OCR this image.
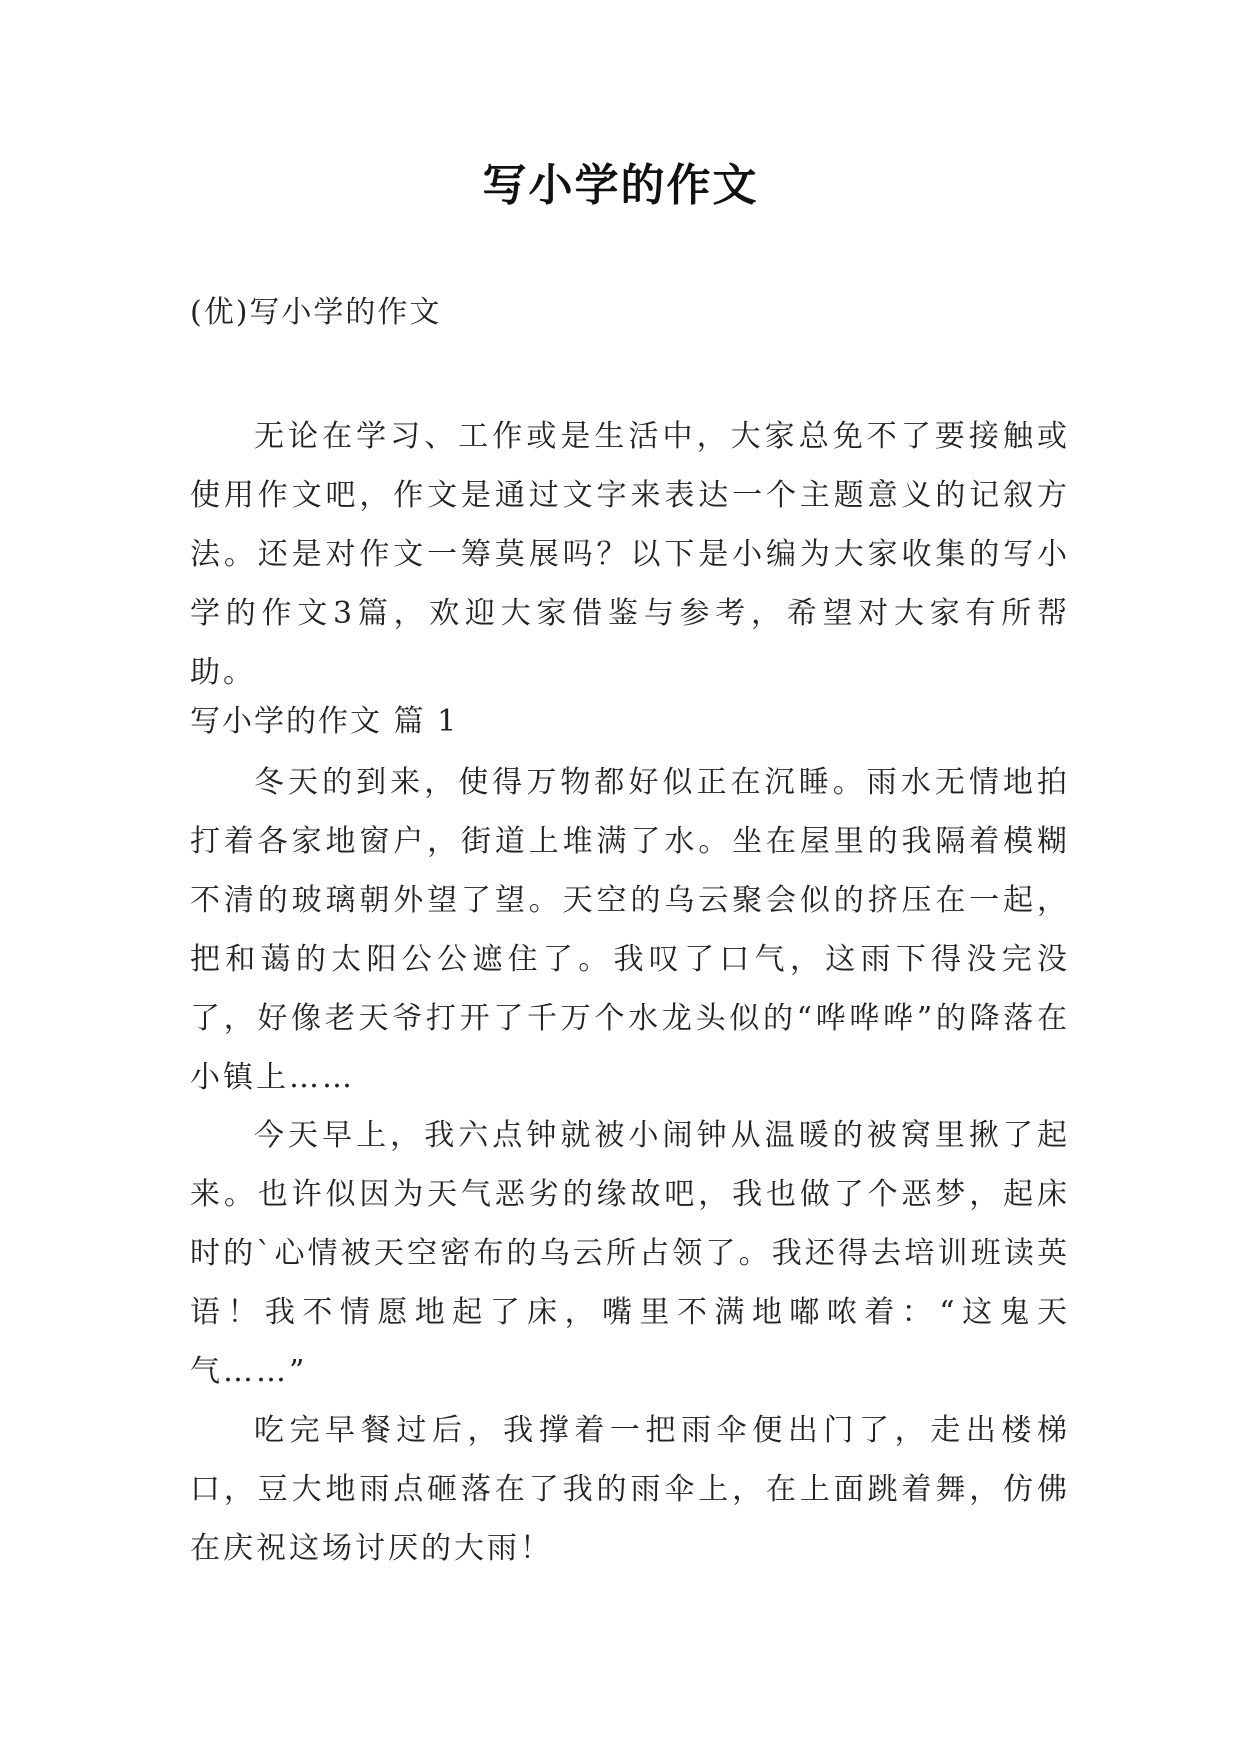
写小学的作文
(优)写小学的作文

无论在学习、工作或是生活中，大家总免不了要接触或使用作文吧，作文是通过文字来表达一个主题意义的记叙方法。还是对作文一筹莫展吗？以下是小编为大家收集的写小学的作文3篇，欢迎大家借鉴与参考，希望对大家有所帮助。

写小学的作文 篇 1

冬天的到来，使得万物都好似正在沉睡。雨水无情地拍打着各家地窗户，街道上堆满了水。坐在屋里的我隔着模糊不清的玻璃朝外望了望。天空的乌云聚会似的挤压在一起，把和蔼的太阳公公遮住了。我叹了口气，这雨下得没完没了，好像老天爷打开了千万个水龙头似的“哗哗哗”的降落在小镇上……

今天早上，我六点钟就被小闹钟从温暖的被窝里揪了起来。也许似因为天气恶劣的缘故吧，我也做了个恶梦，起床时的`心情被天空密布的乌云所占领了。我还得去培训班读英语！我不情愿地起了床，嘴里不满地嘟哝着：“这鬼天气……”

吃完早餐过后，我撑着一把雨伞便出门了，走出楼梯口，豆大地雨点砸落在了我的雨伞上，在上面跳着舞，仿佛在庆祝这场讨厌的大雨！
